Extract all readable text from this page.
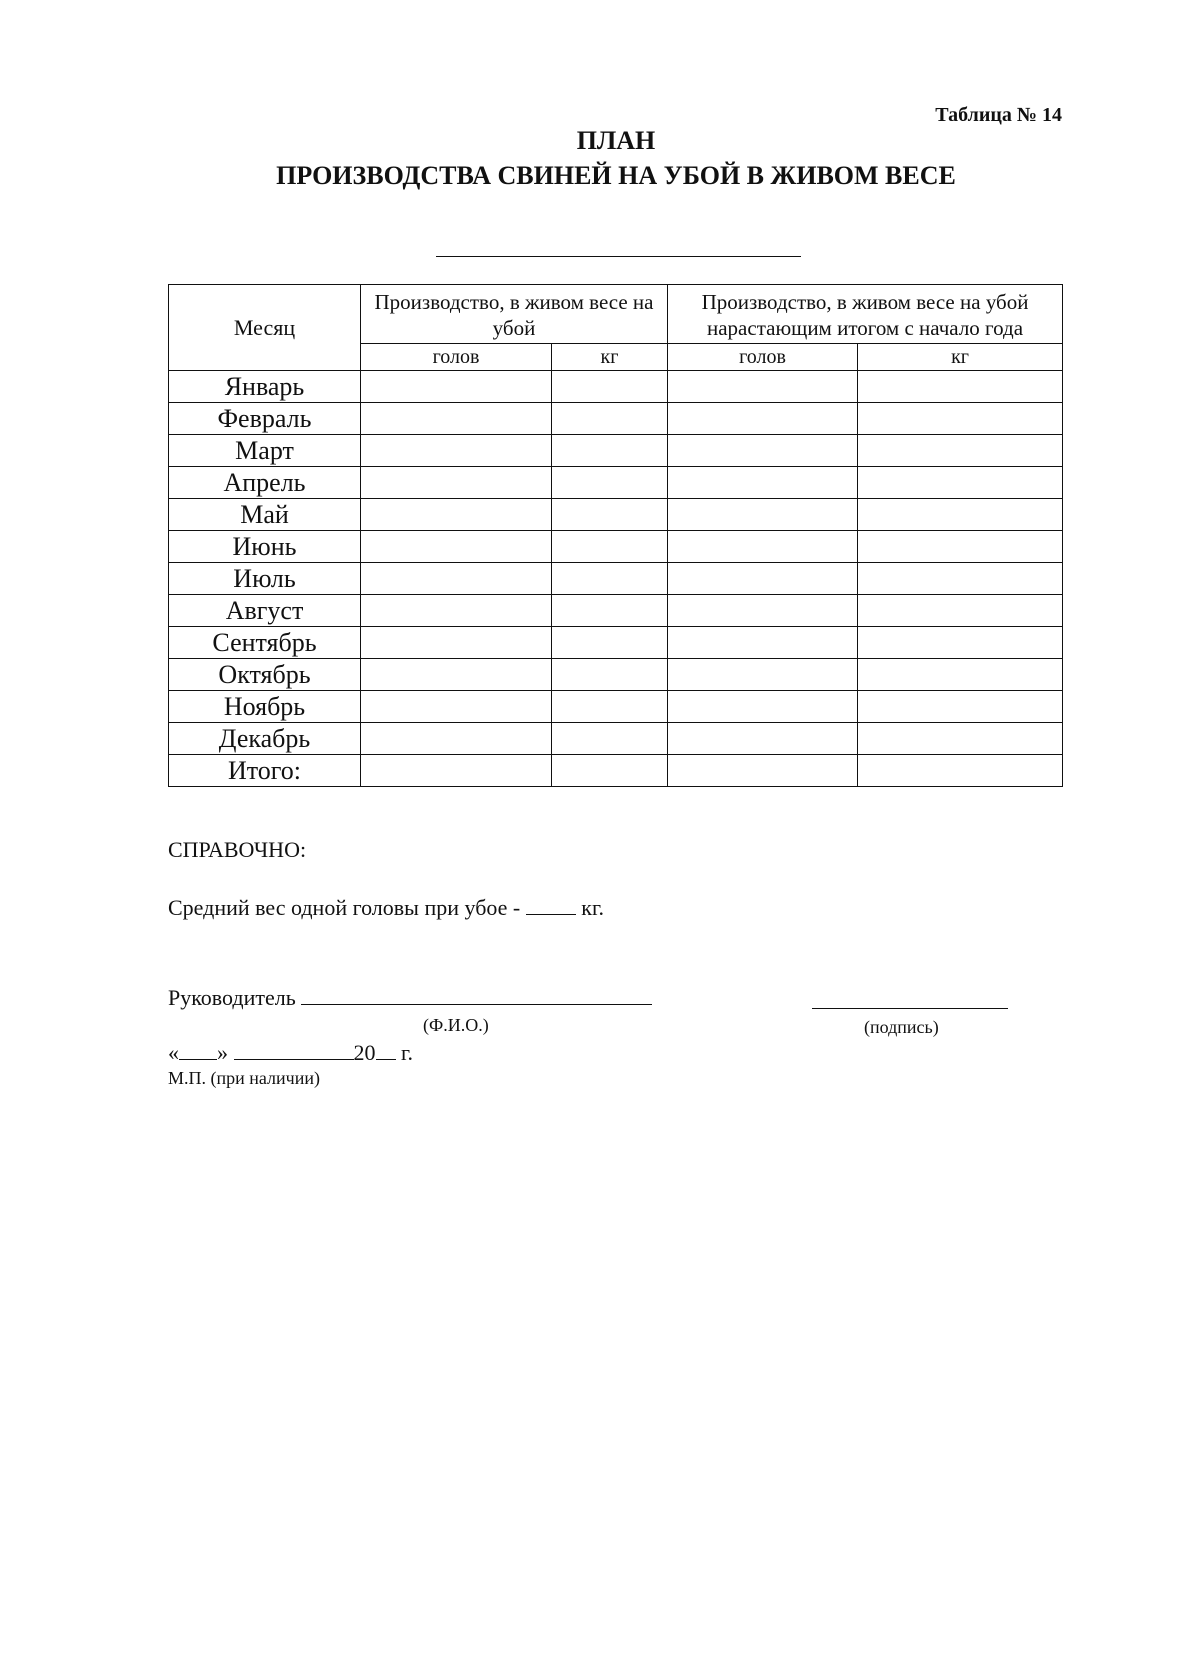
Таблица № 14
ПЛАН
ПРОИЗВОДСТВА СВИНЕЙ НА УБОЙ В ЖИВОМ ВЕСЕ
Месяц	Производство, в живом весе на убой		Производство, в живом весе на убой нарастающим итогом с начало года	
	голов	кг	голов	кг
Январь				
Февраль				
Март				
Апрель				
Май				
Июнь				
Июль				
Август				
Сентябрь				
Октябрь				
Ноябрь				
Декабрь				
Итого:				
СПРАВОЧНО:
Средний вес одной головы при убое -	кг.
Руководитель
(Ф.И.О.)	(подпись)
« »	20 г.
М.П. (при наличии)
